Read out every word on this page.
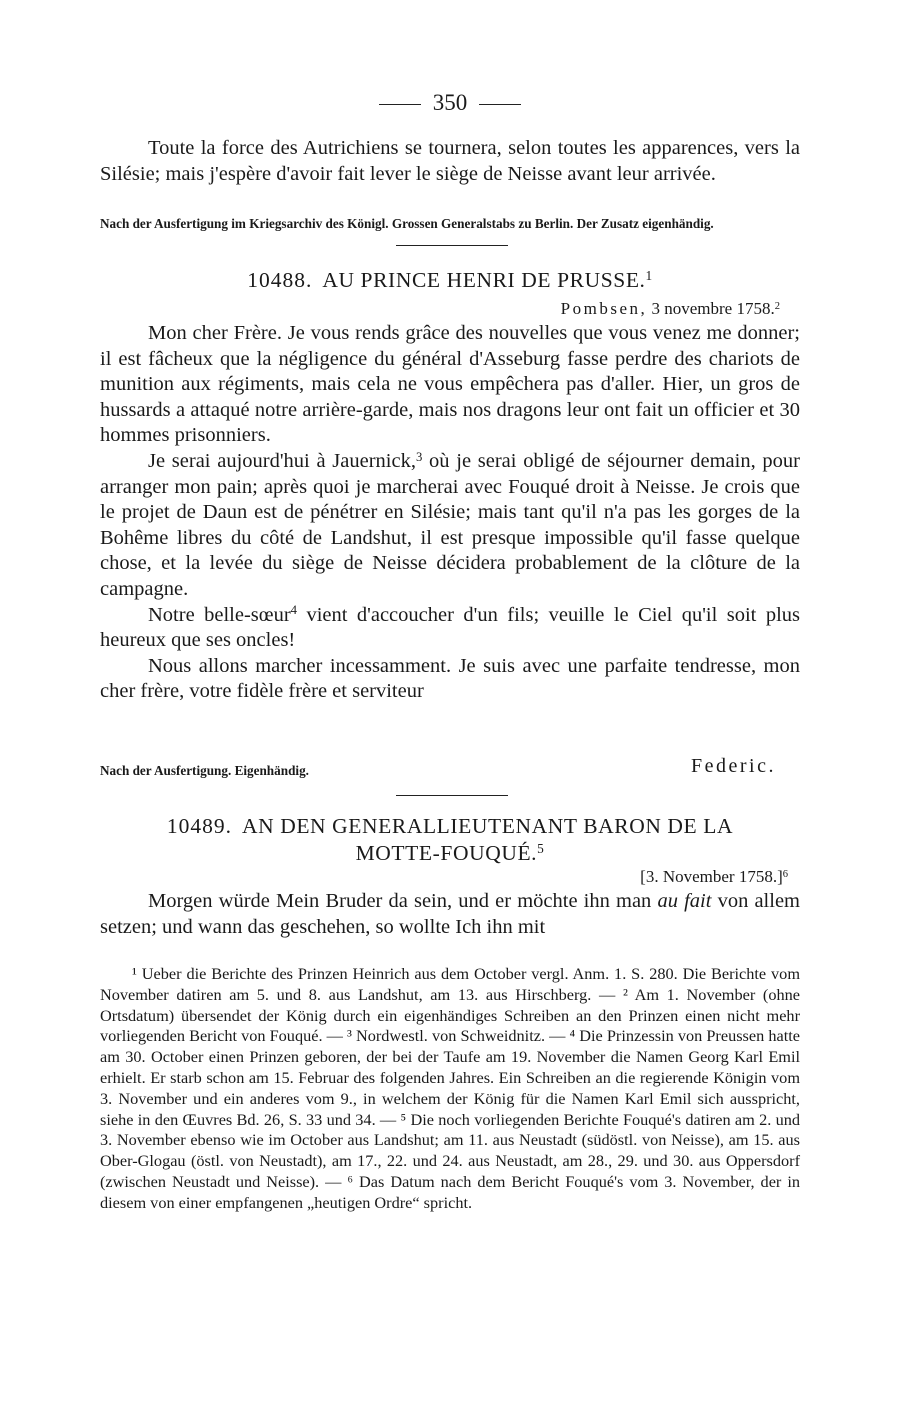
350

Toute la force des Autrichiens se tournera, selon toutes les apparences, vers la Silésie; mais j'espère d'avoir fait lever le siège de Neisse avant leur arrivée.

Nach der Ausfertigung im Kriegsarchiv des Königl. Grossen Generalstabs zu Berlin. Der Zusatz eigenhändig.
10488. AU PRINCE HENRI DE PRUSSE.$^1$
Pombsen, 3 novembre 1758.$^2$

Mon cher Frère. Je vous rends grâce des nouvelles que vous venez me donner; il est fâcheux que la négligence du général d'Asseburg fasse perdre des chariots de munition aux régiments, mais cela ne vous empêchera pas d'aller. Hier, un gros de hussards a attaqué notre arrière-garde, mais nos dragons leur ont fait un officier et 30 hommes prisonniers.

Je serai aujourd'hui à Jauernick,$^3$ où je serai obligé de séjourner demain, pour arranger mon pain; après quoi je marcherai avec Fouqué droit à Neisse. Je crois que le projet de Daun est de pénétrer en Silésie; mais tant qu'il n'a pas les gorges de la Bohême libres du côté de Landshut, il est presque impossible qu'il fasse quelque chose, et la levée du siège de Neisse décidera probablement de la clôture de la campagne.

Notre belle-sœur$^4$ vient d'accoucher d'un fils; veuille le Ciel qu'il soit plus heureux que ses oncles!

Nous allons marcher incessamment. Je suis avec une parfaite tendresse, mon cher frère, votre fidèle frère et serviteur

Nach der Ausfertigung. Eigenhändig.	Federic.
10489. AN DEN GENERALLIEUTENANT BARON DE LA
MOTTE-FOUQUÉ.$^5$
[3. November 1758.]$^6$

Morgen würde Mein Bruder da sein, und er möchte ihn man au fait von allem setzen; und wann das geschehen, so wollte Ich ihn mit

¹ Ueber die Berichte des Prinzen Heinrich aus dem October vergl. Anm. 1. S. 280. Die Berichte vom November datiren am 5. und 8. aus Landshut, am 13. aus Hirschberg. — ² Am 1. November (ohne Ortsdatum) übersendet der König durch ein eigenhändiges Schreiben an den Prinzen einen nicht mehr vorliegenden Bericht von Fouqué. — ³ Nordwestl. von Schweidnitz. — ⁴ Die Prinzessin von Preussen hatte am 30. October einen Prinzen geboren, der bei der Taufe am 19. November die Namen Georg Karl Emil erhielt. Er starb schon am 15. Februar des folgenden Jahres. Ein Schreiben an die regierende Königin vom 3. November und ein anderes vom 9., in welchem der König für die Namen Karl Emil sich ausspricht, siehe in den Œuvres Bd. 26, S. 33 und 34. — ⁵ Die noch vorliegenden Berichte Fouqué's datiren am 2. und 3. November ebenso wie im October aus Landshut; am 11. aus Neustadt (südöstl. von Neisse), am 15. aus Ober-Glogau (östl. von Neustadt), am 17., 22. und 24. aus Neustadt, am 28., 29. und 30. aus Oppersdorf (zwischen Neustadt und Neisse). — ⁶ Das Datum nach dem Bericht Fouqué's vom 3. November, der in diesem von einer empfangenen „heutigen Ordre“ spricht.
